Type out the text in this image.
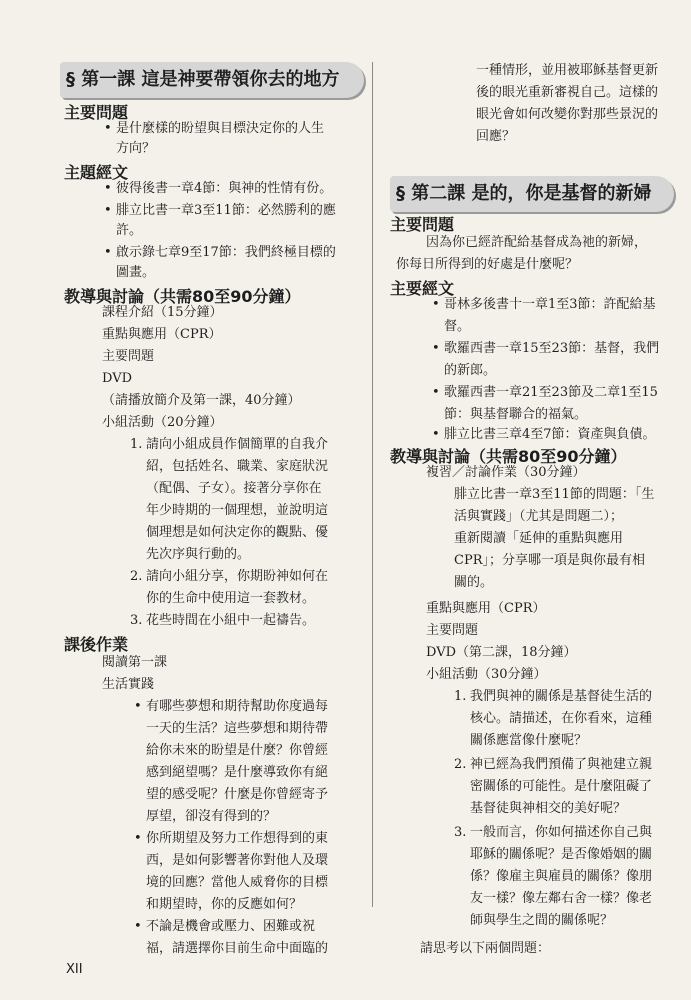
§ 第一課 這是神要帶領你去的地方
主要問題
• 是什麼樣的盼望與目標決定你的人生
方向？
主題經文
• 彼得後書一章4節：與神的性情有份。
• 腓立比書一章3至11節：必然勝利的應
許。
• 啟示錄七章9至17節：我們終極目標的
圖畫。
教導與討論（共需80至90分鐘）
課程介紹（15分鐘）
重點與應用（CPR）
主要問題
DVD
（請播放簡介及第一課，40分鐘）
小組活動（20分鐘）
1. 請向小組成員作個簡單的自我介
紹，包括姓名、職業、家庭狀況
（配偶、子女）。接著分享你在
年少時期的一個理想，並說明這
個理想是如何決定你的觀點、優
先次序與行動的。
2. 請向小組分享，你期盼神如何在
你的生命中使用這一套教材。
3. 花些時間在小組中一起禱告。
課後作業
閱讀第一課
生活實踐
• 有哪些夢想和期待幫助你度過每
一天的生活？這些夢想和期待帶
給你未來的盼望是什麼？你曾經
感到絕望嗎？是什麼導致你有絕
望的感受呢？什麼是你曾經寄予
厚望，卻沒有得到的？
• 你所期望及努力工作想得到的東
西，是如何影響著你對他人及環
境的回應？當他人威脅你的目標
和期望時，你的反應如何？
一種情形，並用被耶穌基督更新
後的眼光重新審視自己。這樣的
眼光會如何改變你對那些景況的
回應？
§ 第二課 是的，你是基督的新婦
主要問題
因為你已經許配給基督成為祂的新婦，
你每日所得到的好處是什麼呢？
主要經文
• 哥林多後書十一章1至3節：許配給基
督。
• 歌羅西書一章15至23節：基督，我們
的新郎。
• 歌羅西書一章21至23節及二章1至15
節：與基督聯合的福氣。
• 腓立比書三章4至7節：資產與負債。
教導與討論（共需80至90分鐘）
複習／討論作業（30分鐘）
腓立比書一章3至11節的問題：「生
活與實踐」（尤其是問題二）；
重新閱讀「延伸的重點與應用
CPR」；分享哪一項是與你最有相
關的。
重點與應用（CPR）
主要問題
DVD（第二課，18分鐘）
小組活動（30分鐘）
1. 我們與神的關係是基督徒生活的
核心。請描述，在你看來，這種
關係應當像什麼呢？
2. 神已經為我們預備了與祂建立親
密關係的可能性。是什麼阻礙了
基督徒與神相交的美好呢？
3. 一般而言，你如何描述你自己與
耶穌的關係呢？是否像婚姻的關
係？像雇主與雇員的關係？像朋
友一樣？像左鄰右舍一樣？像老
師與學生之間的關係呢？
請思考以下兩個問題：
• 不論是機會或壓力、困難或祝
福，請選擇你目前生命中面臨的
XII
